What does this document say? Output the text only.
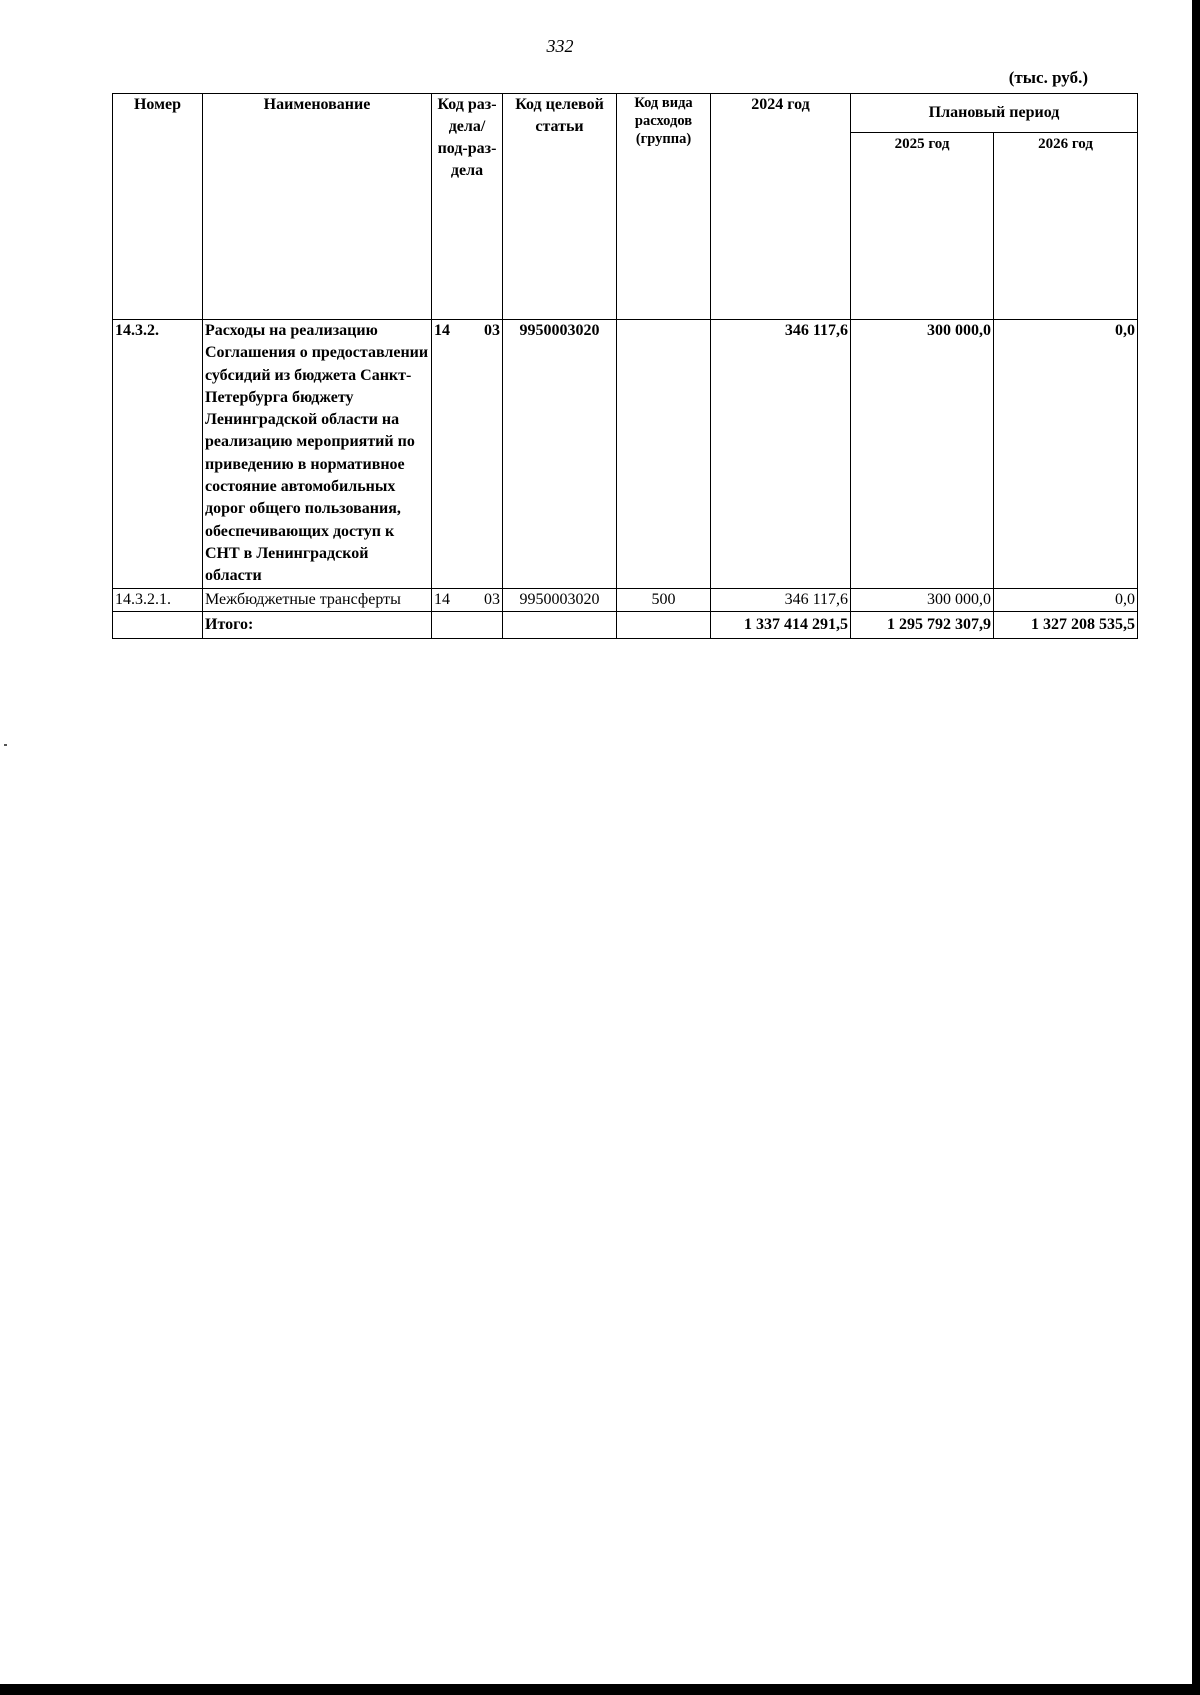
332
(тыс. руб.)
Номер	Наименование	Код раз-дела/ под-раз-дела	Код целевой статьи	Код вида расходов (группа)	2024 год	Плановый период	
						2025 год	2026 год
14.3.2.	Расходы на реализацию Соглашения о предоставлении субсидий из бюджета Санкт-Петербурга бюджету Ленинградской области на реализацию мероприятий по приведению в нормативное состояние автомобильных дорог общего пользования, обеспечивающих доступ к СНТ в Ленинградской области	14 03	9950003020		346 117,6	300 000,0	0,0
14.3.2.1.	Межбюджетные трансферты	14 03	9950003020	500	346 117,6	300 000,0	0,0
	Итого:				1 337 414 291,5	1 295 792 307,9	1 327 208 535,5
